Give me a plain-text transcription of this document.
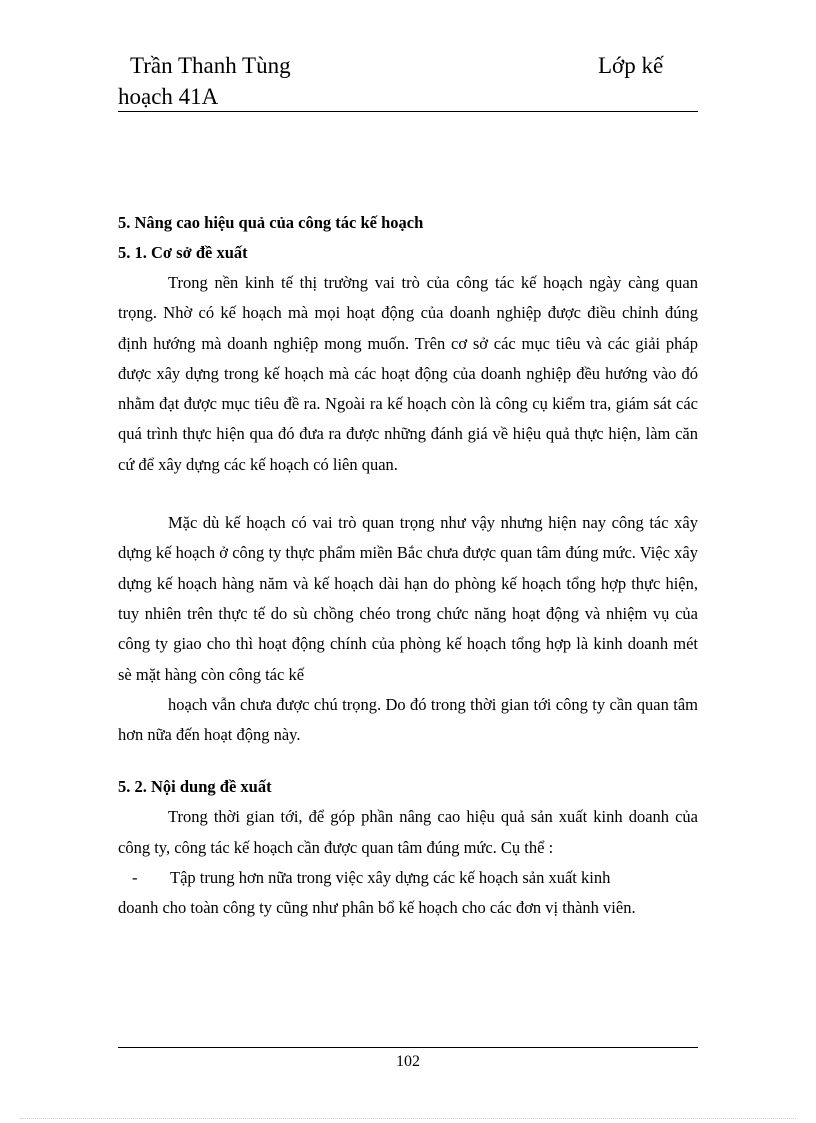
Trần Thanh Tùng	Lớp kế
hoạch 41A

5. Nâng cao hiệu quả của công tác kế hoạch

5. 1. Cơ sở đề xuất

Trong nền kinh tế thị trường vai trò của công tác kế hoạch ngày càng quan trọng. Nhờ có kế hoạch mà mọi hoạt động của doanh nghiệp được điều chỉnh đúng định hướng mà doanh nghiệp mong muốn. Trên cơ sở các mục tiêu và các giải pháp được xây dựng trong kế hoạch mà các hoạt động của doanh nghiệp đều hướng vào đó nhằm đạt được mục tiêu đề ra. Ngoài ra kế hoạch còn là công cụ kiểm tra, giám sát các quá trình thực hiện qua đó đưa ra được những đánh giá về hiệu quả thực hiện, làm căn cứ để xây dựng các kế hoạch có liên quan.

Mặc dù kế hoạch có vai trò quan trọng như vậy nhưng hiện nay công tác xây dựng kế hoạch ở công ty thực phẩm miền Bắc chưa được quan tâm đúng mức. Việc xây dựng kế hoạch hàng năm và kế hoạch dài hạn do phòng kế hoạch tổng hợp thực hiện, tuy nhiên trên thực tế do sù chồng chéo trong chức năng hoạt động và nhiệm vụ của công ty giao cho thì hoạt động chính của phòng kế hoạch tổng hợp là kinh doanh mét sè mặt hàng còn công tác kế

hoạch vẫn chưa được chú trọng. Do đó trong thời gian tới công ty cần quan tâm hơn nữa đến hoạt động này.

5. 2. Nội dung đề xuất

Trong thời gian tới, để góp phần nâng cao hiệu quả sản xuất kinh doanh của công ty, công tác kế hoạch cần được quan tâm đúng mức. Cụ thể :

- Tập trung hơn nữa trong việc xây dựng các kế hoạch sản xuất kinh

doanh cho toàn công ty cũng như phân bổ kế hoạch cho các đơn vị thành viên.

102
